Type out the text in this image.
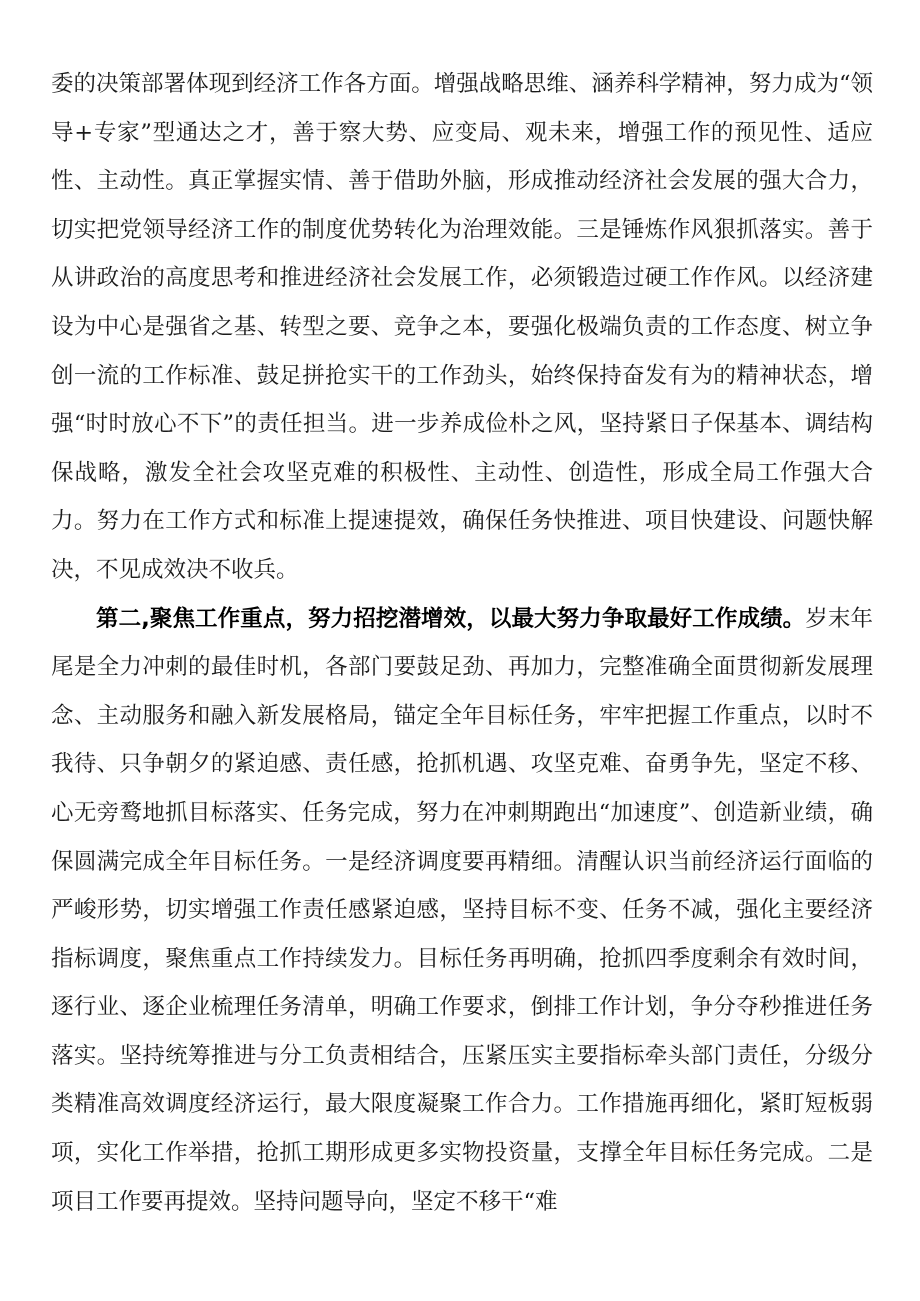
委的决策部署体现到经济工作各方面。增强战略思维、涵养科学精神，努力成为“领导+专家”型通达之才，善于察大势、应变局、观未来，增强工作的预见性、适应性、主动性。真正掌握实情、善于借助外脑，形成推动经济社会发展的强大合力，切实把党领导经济工作的制度优势转化为治理效能。三是锤炼作风狠抓落实。善于从讲政治的高度思考和推进经济社会发展工作，必须锻造过硬工作作风。以经济建设为中心是强省之基、转型之要、竞争之本，要强化极端负责的工作态度、树立争创一流的工作标准、鼓足拼抢实干的工作劲头，始终保持奋发有为的精神状态，增强“时时放心不下”的责任担当。进一步养成俭朴之风，坚持紧日子保基本、调结构保战略，激发全社会攻坚克难的积极性、主动性、创造性，形成全局工作强大合力。努力在工作方式和标准上提速提效，确保任务快推进、项目快建设、问题快解决，不见成效决不收兵。

第二,聚焦工作重点，努力招挖潜增效，以最大努力争取最好工作成绩。岁末年尾是全力冲刺的最佳时机，各部门要鼓足劲、再加力，完整准确全面贯彻新发展理念、主动服务和融入新发展格局，锚定全年目标任务，牢牢把握工作重点，以时不我待、只争朝夕的紧迫感、责任感，抢抓机遇、攻坚克难、奋勇争先，坚定不移、心无旁鹜地抓目标落实、任务完成，努力在冲刺期跑出“加速度”、创造新业绩，确保圆满完成全年目标任务。一是经济调度要再精细。清醒认识当前经济运行面临的严峻形势，切实增强工作责任感紧迫感，坚持目标不变、任务不减，强化主要经济指标调度，聚焦重点工作持续发力。目标任务再明确，抢抓四季度剩余有效时间，逐行业、逐企业梳理任务清单，明确工作要求，倒排工作计划，争分夺秒推进任务落实。坚持统筹推进与分工负责相结合，压紧压实主要指标牵头部门责任，分级分类精准高效调度经济运行，最大限度凝聚工作合力。工作措施再细化，紧盯短板弱项，实化工作举措，抢抓工期形成更多实物投资量，支撑全年目标任务完成。二是项目工作要再提效。坚持问题导向，坚定不移干“难
